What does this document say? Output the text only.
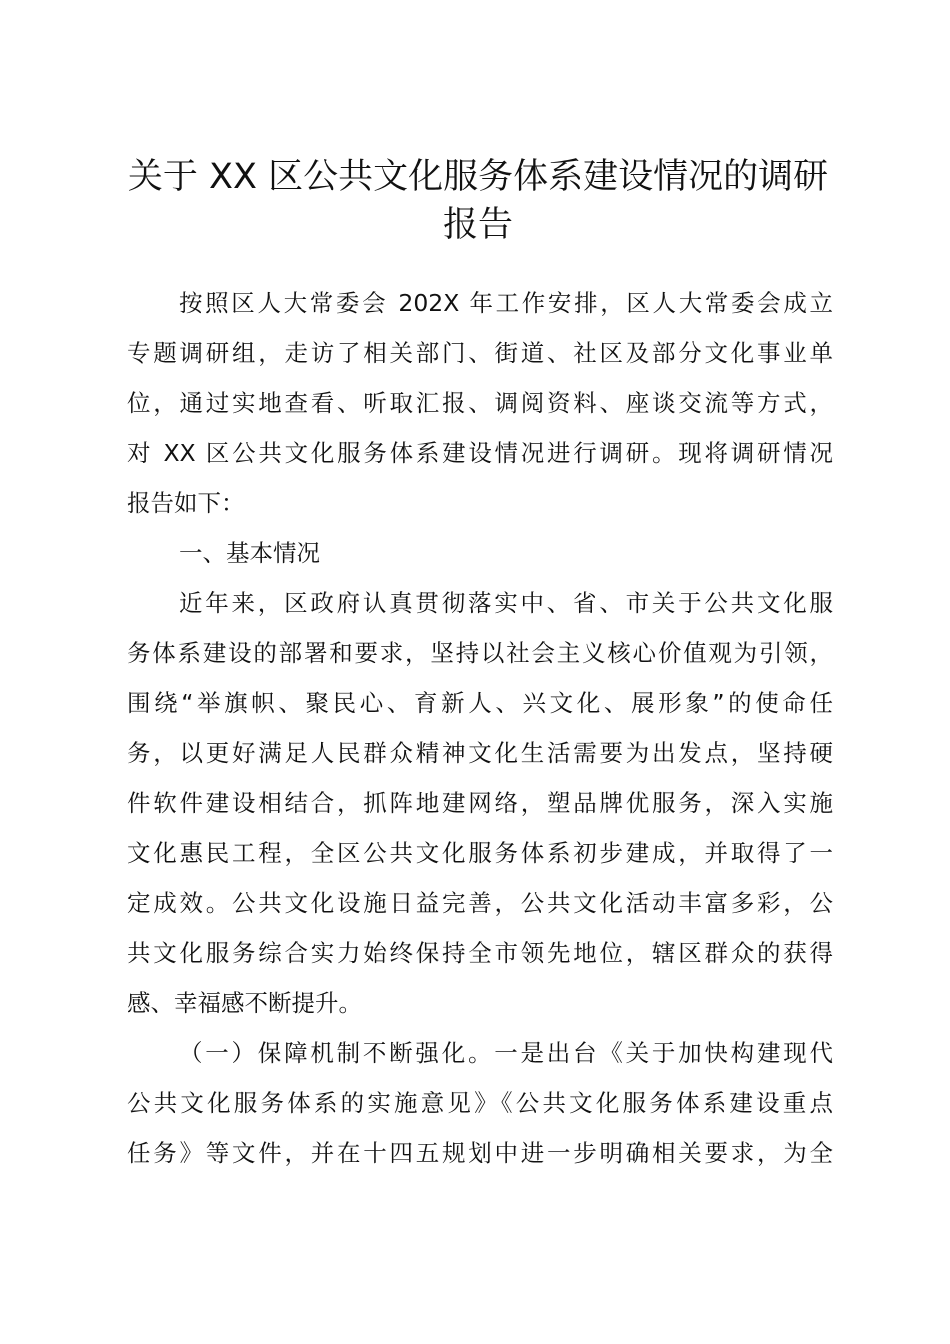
关于 XX 区公共文化服务体系建设情况的调研
报告

按照区人大常委会 202X 年工作安排，区人大常委会成立

专题调研组，走访了相关部门、街道、社区及部分文化事业单

位，通过实地查看、听取汇报、调阅资料、座谈交流等方式，

对 XX 区公共文化服务体系建设情况进行调研。现将调研情况

报告如下：

一、基本情况

近年来，区政府认真贯彻落实中、省、市关于公共文化服

务体系建设的部署和要求，坚持以社会主义核心价值观为引领，

围绕“举旗帜、聚民心、育新人、兴文化、展形象”的使命任

务，以更好满足人民群众精神文化生活需要为出发点，坚持硬

件软件建设相结合，抓阵地建网络，塑品牌优服务，深入实施

文化惠民工程，全区公共文化服务体系初步建成，并取得了一

定成效。公共文化设施日益完善，公共文化活动丰富多彩，公

共文化服务综合实力始终保持全市领先地位，辖区群众的获得

感、幸福感不断提升。

（一）保障机制不断强化。一是出台《关于加快构建现代

公共文化服务体系的实施意见》《公共文化服务体系建设重点

任务》等文件，并在十四五规划中进一步明确相关要求，为全
